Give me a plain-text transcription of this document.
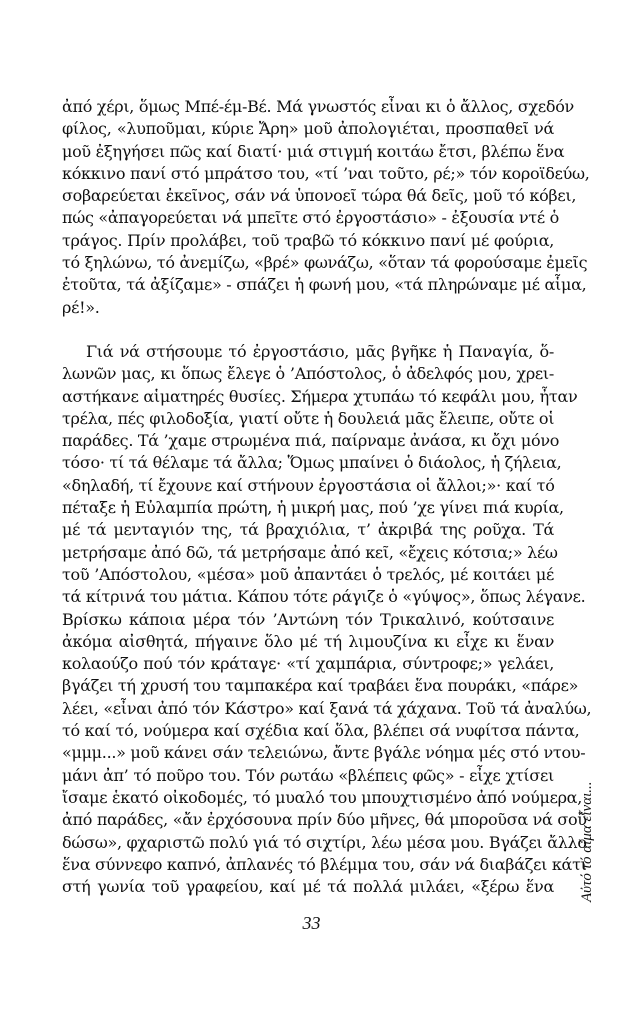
ἀπό χέρι, ὅμως Μπέ-έμ-Βέ. Μά γνωστός εἶναι κι ὁ ἄλλος, σχεδόν
φίλος, «λυποῦμαι, κύριε Ἄρη» μοῦ ἀπολογιέται, προσπαθεῖ νά
μοῦ ἐξηγήσει πῶς καί διατί· μιά στιγμή κοιτάω ἔτσι, βλέπω ἕνα
κόκκινο πανί στό μπράτσο του, «τί ’ναι τοῦτο, ρέ;» τόν κοροϊδεύω,
σοβαρεύεται ἐκεῖνος, σάν νά ὑπονοεῖ τώρα θά δεῖς, μοῦ τό κόβει,
πώς «ἀπαγορεύεται νά μπεῖτε στό ἐργοστάσιο» - ἐξουσία ντέ ὁ
τράγος. Πρίν προλάβει, τοῦ τραβῶ τό κόκκινο πανί μέ φούρια,
τό ξηλώνω, τό ἀνεμίζω, «βρέ» φωνάζω, «ὅταν τά φορούσαμε ἐμεῖς
ἐτοῦτα, τά ἀξίζαμε» - σπάζει ἡ φωνή μου, «τά πληρώναμε μέ αἷμα,
ρέ!».
Γιά νά στήσουμε τό ἐργοστάσιο, μᾶς βγῆκε ἡ Παναγία, ὅ-
λωνῶν μας, κι ὅπως ἔλεγε ὁ ’Απόστολος, ὁ ἀδελφός μου, χρει-
αστήκανε αἱματηρές θυσίες. Σήμερα χτυπάω τό κεφάλι μου, ἦταν
τρέλα, πές φιλοδοξία, γιατί οὔτε ἡ δουλειά μᾶς ἔλειπε, οὔτε οἱ
παράδες. Τά ’χαμε στρωμένα πιά, παίρναμε ἀνάσα, κι ὄχι μόνο
τόσο· τί τά θέλαμε τά ἄλλα; Ὅμως μπαίνει ὁ διάολος, ἡ ζήλεια,
«δηλαδή, τί ἔχουνε καί στήνουν ἐργοστάσια οἱ ἄλλοι;»· καί τό
πέταξε ἡ Εὐλαμπία πρώτη, ἡ μικρή μας, πού ’χε γίνει πιά κυρία,
μέ τά μενταγιόν της, τά βραχιόλια, τ’ ἀκριβά της ροῦχα. Τά
μετρήσαμε ἀπό δῶ, τά μετρήσαμε ἀπό κεῖ, «ἔχεις κότσια;» λέω
τοῦ ’Απόστολου, «μέσα» μοῦ ἀπαντάει ὁ τρελός, μέ κοιτάει μέ
τά κίτρινά του μάτια. Κάπου τότε ράγιζε ὁ «γύψος», ὅπως λέγανε.
Βρίσκω κάποια μέρα τόν ’Αντώνη τόν Τρικαλινό, κούτσαινε
ἀκόμα αἰσθητά, πήγαινε ὅλο μέ τή λιμουζίνα κι εἶχε κι ἕναν
κολαούζο πού τόν κράταγε· «τί χαμπάρια, σύντροφε;» γελάει,
βγάζει τή χρυσή του ταμπακέρα καί τραβάει ἕνα πουράκι, «πάρε»
λέει, «εἶναι ἀπό τόν Κάστρο» καί ξανά τά χάχανα. Τοῦ τά ἀναλύω,
τό καί τό, νούμερα καί σχέδια καί ὅλα, βλέπει σά νυφίτσα πάντα,
«μμμ...» μοῦ κάνει σάν τελειώνω, ἄντε βγάλε νόημα μές στό ντου-
μάνι ἀπ’ τό ποῦρο του. Τόν ρωτάω «βλέπεις φῶς» - εἶχε χτίσει
ἴσαμε ἑκατό οἰκοδομές, τό μυαλό του μπουχτισμένο ἀπό νούμερα,
ἀπό παράδες, «ἄν ἐρχόσουνα πρίν δύο μῆνες, θά μποροῦσα νά σοῦ
δώσω», φχαριστῶ πολύ γιά τό σιχτίρι, λέω μέσα μου. Βγάζει ἄλλο
ἕνα σύννεφο καπνό, ἀπλανές τό βλέμμα του, σάν νά διαβάζει κάτι
στή γωνία τοῦ γραφείου, καί μέ τά πολλά μιλάει, «ξέρω ἕνα
33
Αὐτό τό αἷμα εἶναι...
